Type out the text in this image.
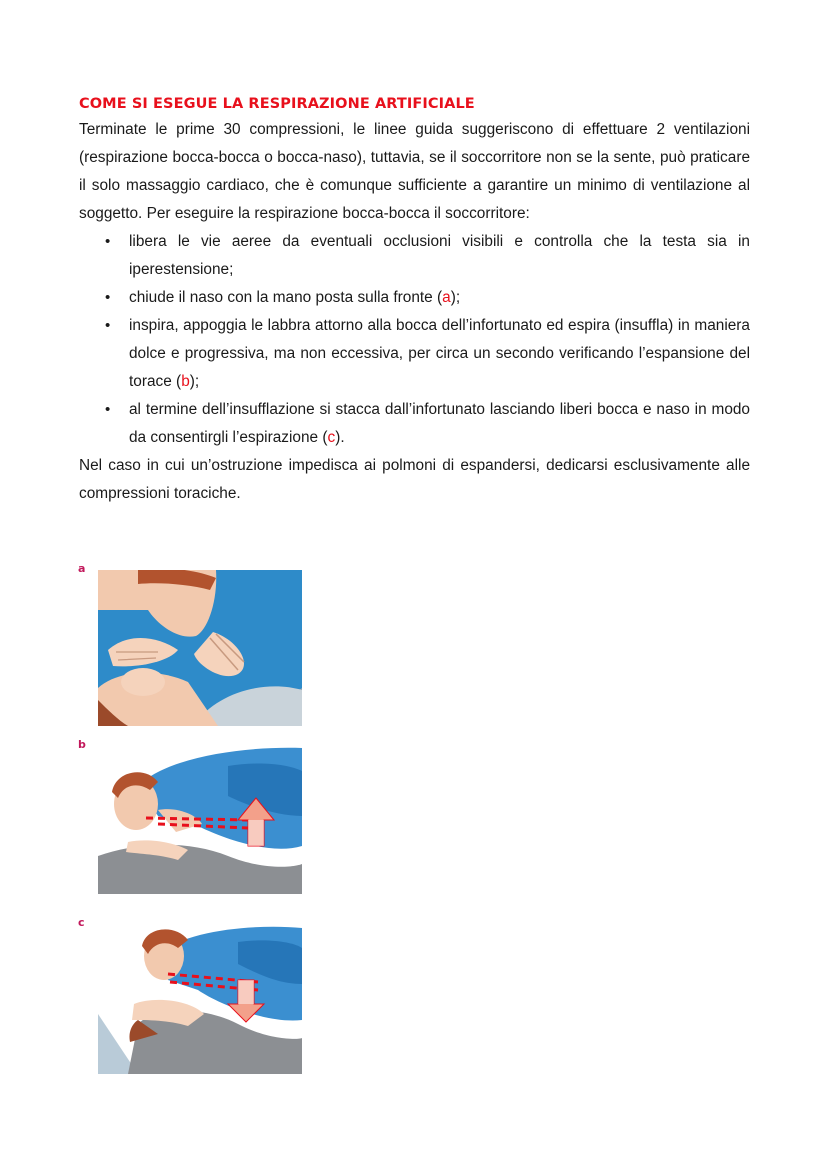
COME SI ESEGUE LA RESPIRAZIONE ARTIFICIALE

Terminate le prime 30 compressioni, le linee guida suggeriscono di effettuare 2 ventilazioni (respirazione bocca-bocca o bocca-naso), tuttavia, se il soccorritore non se la sente, può praticare il solo massaggio cardiaco, che è comunque sufficiente a garantire un minimo di ventilazione al soggetto. Per eseguire la respirazione bocca-bocca il soccorritore:

• libera le vie aeree da eventuali occlusioni visibili e controlla che la testa sia in iperestensione;
• chiude il naso con la mano posta sulla fronte (a);
• inspira, appoggia le labbra attorno alla bocca dell’infortunato ed espira (insuffla) in maniera dolce e progressiva, ma non eccessiva, per circa un secondo verificando l’espansione del torace (b);
• al termine dell’insufflazione si stacca dall’infortunato lasciando liberi bocca e naso in modo da consentirgli l’espirazione (c).

Nel caso in cui un’ostruzione impedisca ai polmoni di espandersi, dedicarsi esclusivamente alle compressioni toraciche.

a
b
c
